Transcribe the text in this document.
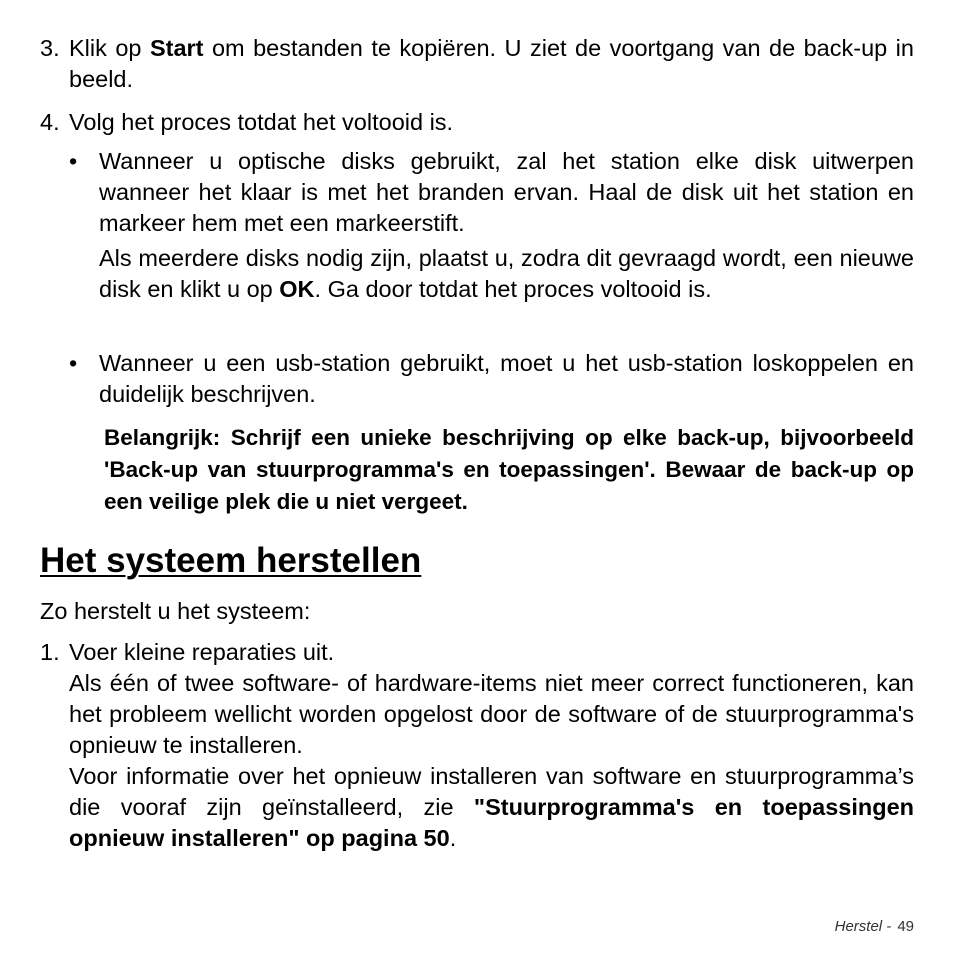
3. Klik op Start om bestanden te kopiëren. U ziet de voortgang van de back-up in beeld.
4. Volg het proces totdat het voltooid is.
• Wanneer u optische disks gebruikt, zal het station elke disk uitwerpen wanneer het klaar is met het branden ervan. Haal de disk uit het station en markeer hem met een markeerstift.
Als meerdere disks nodig zijn, plaatst u, zodra dit gevraagd wordt, een nieuwe disk en klikt u op OK. Ga door totdat het proces voltooid is.
• Wanneer u een usb-station gebruikt, moet u het usb-station loskoppelen en duidelijk beschrijven.
Belangrijk: Schrijf een unieke beschrijving op elke back-up, bijvoorbeeld 'Back-up van stuurprogramma's en toepassingen'. Bewaar de back-up op een veilige plek die u niet vergeet.
Het systeem herstellen
Zo herstelt u het systeem:
1. Voer kleine reparaties uit.
Als één of twee software- of hardware-items niet meer correct functioneren, kan het probleem wellicht worden opgelost door de software of de stuurprogramma's opnieuw te installeren.
Voor informatie over het opnieuw installeren van software en stuurprogramma’s die vooraf zijn geïnstalleerd, zie "Stuurprogramma's en toepassingen opnieuw installeren" op pagina 50.
Herstel - 49
